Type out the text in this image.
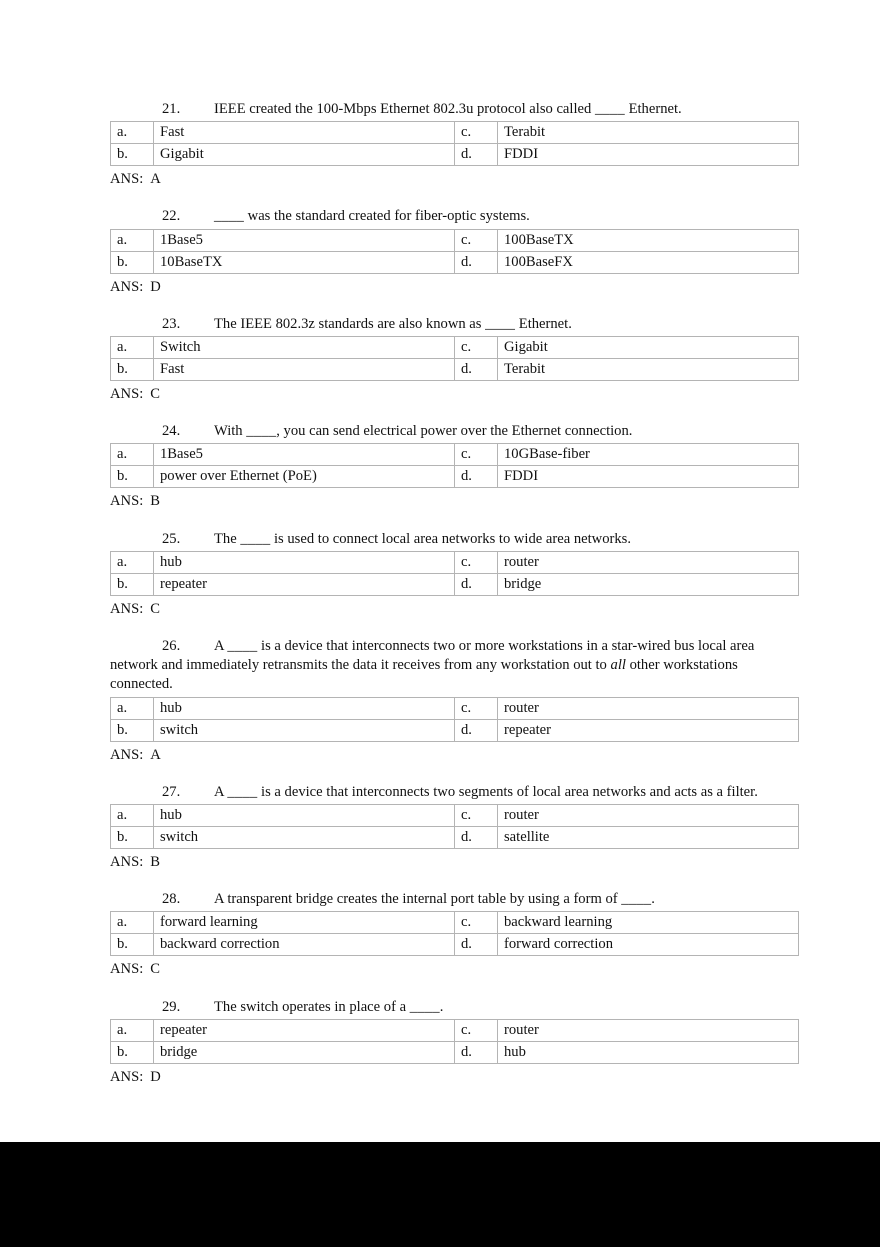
21. IEEE created the 100-Mbps Ethernet 802.3u protocol also called ____ Ethernet.

a.	Fast	c.	Terabit
b.	Gigabit	d.	FDDI

ANS: A

22. ____ was the standard created for fiber-optic systems.

a.	1Base5	c.	100BaseTX
b.	10BaseTX	d.	100BaseFX

ANS: D

23. The IEEE 802.3z standards are also known as ____ Ethernet.

a.	Switch	c.	Gigabit
b.	Fast	d.	Terabit

ANS: C

24. With ____, you can send electrical power over the Ethernet connection.

a.	1Base5	c.	10GBase-fiber
b.	power over Ethernet (PoE)	d.	FDDI

ANS: B

25. The ____ is used to connect local area networks to wide area networks.

a.	hub	c.	router
b.	repeater	d.	bridge

ANS: C

26. A ____ is a device that interconnects two or more workstations in a star-wired bus local area network and immediately retransmits the data it receives from any workstation out to all other workstations connected.

a.	hub	c.	router
b.	switch	d.	repeater

ANS: A

27. A ____ is a device that interconnects two segments of local area networks and acts as a filter.

a.	hub	c.	router
b.	switch	d.	satellite

ANS: B

28. A transparent bridge creates the internal port table by using a form of ____.

a.	forward learning	c.	backward learning
b.	backward correction	d.	forward correction

ANS: C

29. The switch operates in place of a ____.

a.	repeater	c.	router
b.	bridge	d.	hub

ANS: D
